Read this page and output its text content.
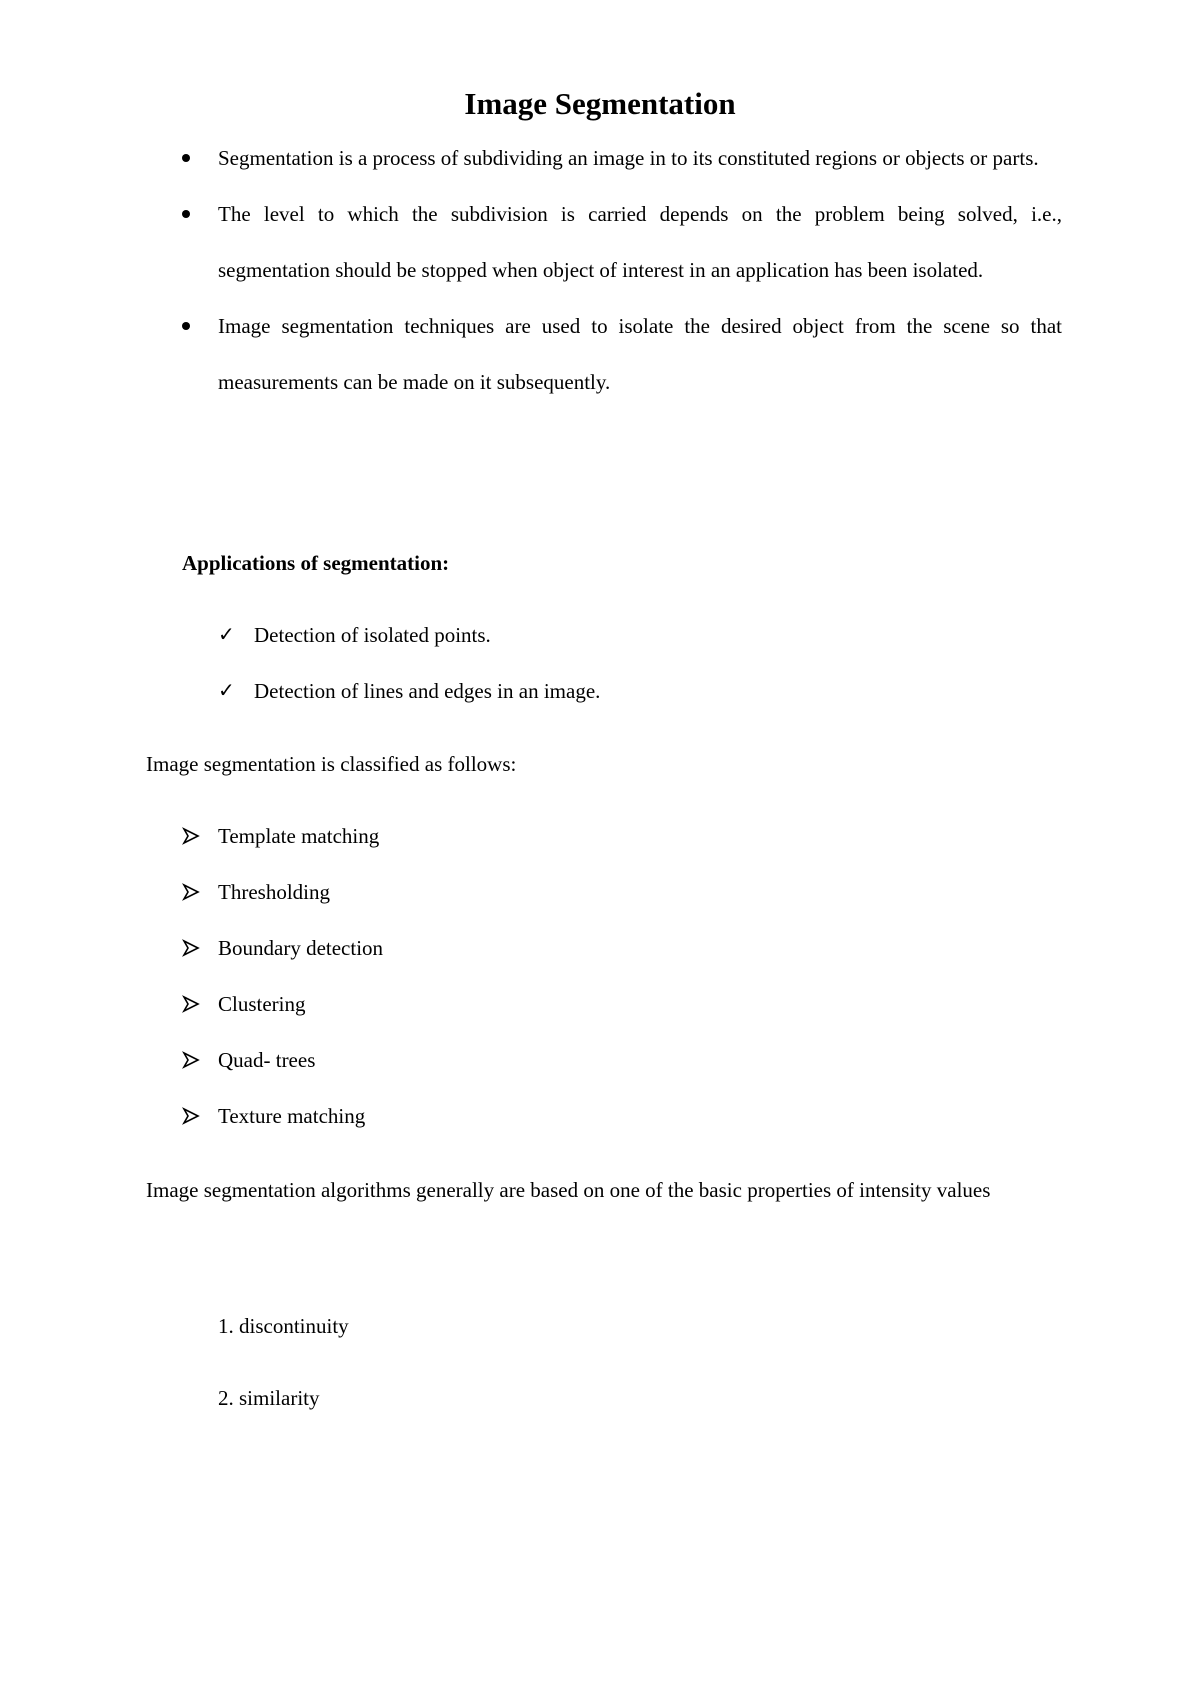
Image Segmentation
Segmentation is a process of subdividing an image in to its constituted regions or objects or parts.
The level to which the subdivision is carried depends on the problem being solved, i.e., segmentation should be stopped when object of interest in an application has been isolated.
Image segmentation techniques are used to isolate the desired object from the scene so that measurements can be made on it subsequently.
Applications of segmentation:
✓ Detection of isolated points.
✓ Detection of lines and edges in an image.
Image segmentation is classified as follows:
Template matching
Thresholding
Boundary detection
Clustering
Quad- trees
Texture matching
Image segmentation algorithms generally are based on one of the basic properties of intensity values
1. discontinuity
2. similarity
